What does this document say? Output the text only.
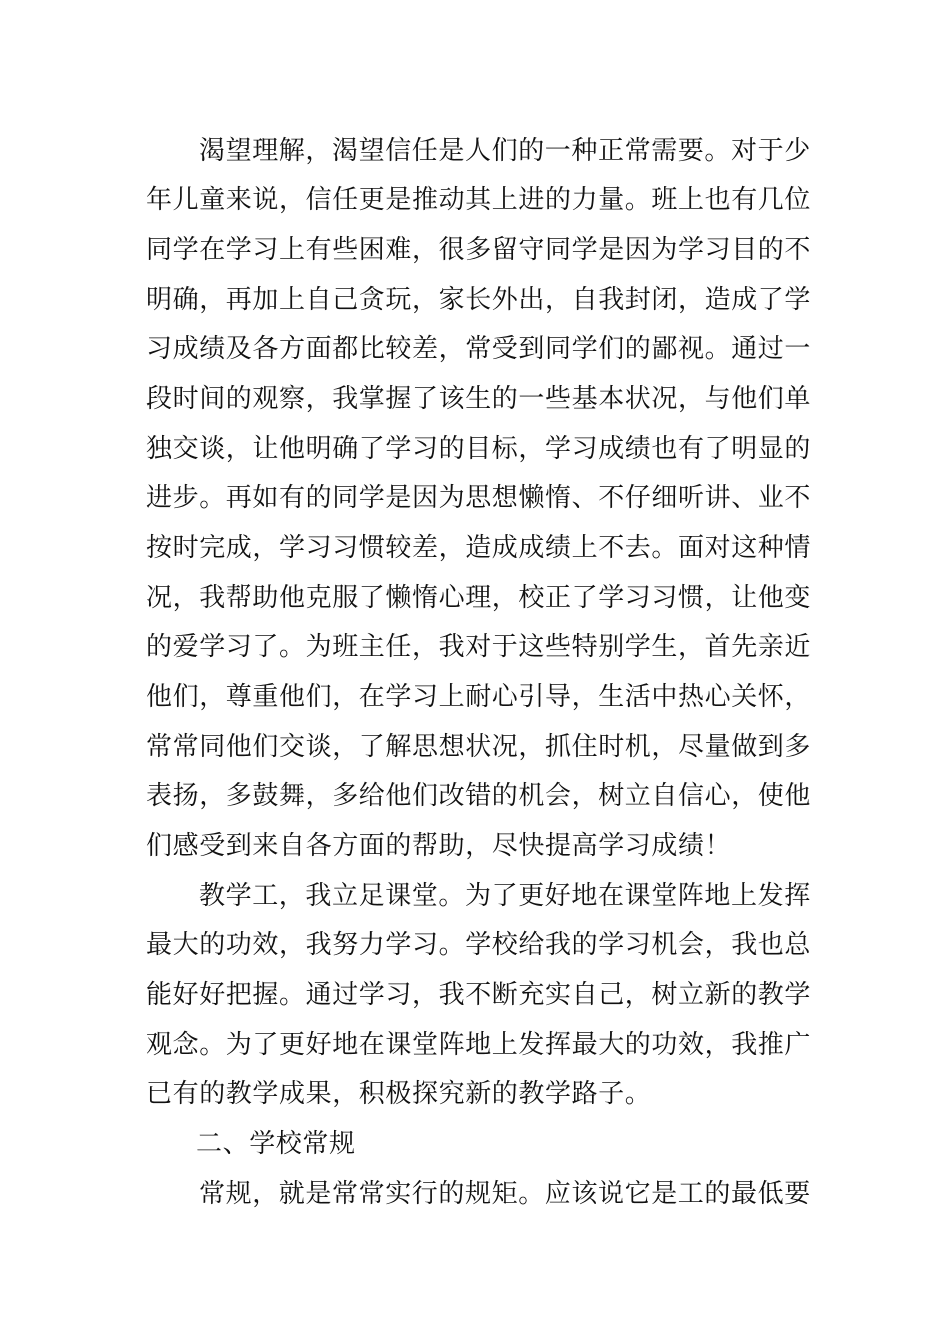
渴望理解，渴望信任是人们的一种正常需要。对于少
年儿童来说，信任更是推动其上进的力量。班上也有几位
同学在学习上有些困难，很多留守同学是因为学习目的不
明确，再加上自己贪玩，家长外出，自我封闭，造成了学
习成绩及各方面都比较差，常受到同学们的鄙视。通过一
段时间的观察，我掌握了该生的一些基本状况，与他们单
独交谈，让他明确了学习的目标，学习成绩也有了明显的
进步。再如有的同学是因为思想懒惰、不仔细听讲、业不
按时完成，学习习惯较差，造成成绩上不去。面对这种情
况，我帮助他克服了懒惰心理，校正了学习习惯，让他变
的爱学习了。为班主任，我对于这些特别学生，首先亲近
他们，尊重他们，在学习上耐心引导，生活中热心关怀，
常常同他们交谈，了解思想状况，抓住时机，尽量做到多
表扬，多鼓舞，多给他们改错的机会，树立自信心，使他
们感受到来自各方面的帮助，尽快提高学习成绩！
教学工，我立足课堂。为了更好地在课堂阵地上发挥
最大的功效，我努力学习。学校给我的学习机会，我也总
能好好把握。通过学习，我不断充实自己，树立新的教学
观念。为了更好地在课堂阵地上发挥最大的功效，我推广
已有的教学成果，积极探究新的教学路子。
二、学校常规
常规，就是常常实行的规矩。应该说它是工的最低要
